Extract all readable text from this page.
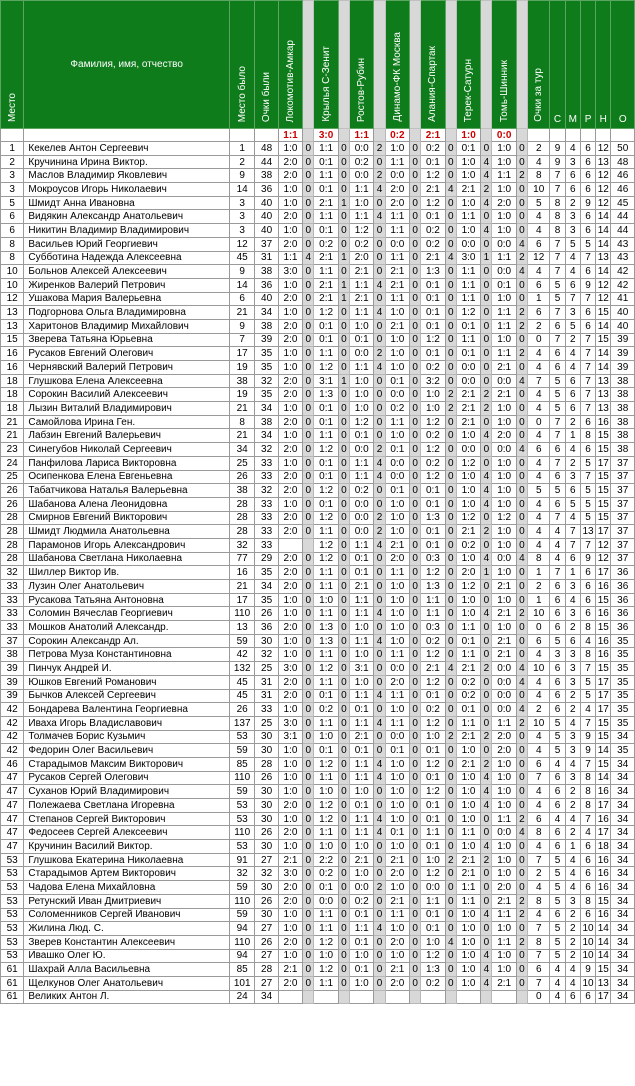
Место	Фамилия, имя, отчество	Место было	Очки были	Локомотив-Амкар		Крылья С-Зенит		Ростов-Рубин		Динамо-ФК Москва		Алания-Спартак		Терек-Сатурн		Томь-Шинник		Очки за тур	С	М	Р	Н	О
				1:1		3:0		1:1		0:2		2:1		1:0		0:0							
1	Кекелев Антон Сергеевич	1	48	1:0	0	1:1	0	0:0	2	1:0	0	0:2	0	0:1	0	1:0	0	2	9	4	6	12	50
2	Кручинина Ирина Виктор.	2	44	2:0	0	0:1	0	0:2	0	1:1	0	0:1	0	1:0	4	1:0	0	4	9	3	6	13	48
3	Маслов Владимир Яковлевич	9	38	2:0	0	1:1	0	0:0	2	0:0	0	1:2	0	1:0	4	1:1	2	8	7	6	6	12	46
3	Мокроусов Игорь Николаевич	14	36	1:0	0	0:1	0	1:1	4	2:0	0	2:1	4	2:1	2	1:0	0	10	7	6	6	12	46
5	Шмидт Анна Ивановна	3	40	1:0	0	2:1	1	1:0	0	2:0	0	1:2	0	1:0	4	2:0	0	5	8	2	9	12	45
6	Видякин Александр Анатольевич	3	40	2:0	0	1:1	0	1:1	4	1:1	0	0:1	0	1:1	0	1:0	0	4	8	3	6	14	44
6	Никитин Владимир Владимирович	3	40	1:0	0	0:1	0	1:2	0	1:1	0	0:2	0	1:0	4	1:0	0	4	8	3	6	14	44
8	Васильев Юрий Георгиевич	12	37	2:0	0	0:2	0	0:2	0	0:0	0	0:2	0	0:0	0	0:0	4	6	7	5	5	14	43
8	Субботина Надежда Алексеевна	45	31	1:1	4	2:1	1	2:0	0	1:1	0	2:1	4	3:0	1	1:1	2	12	7	4	7	13	43
10	Больнов Алексей Алексеевич	9	38	3:0	0	1:1	0	2:1	0	2:1	0	1:3	0	1:1	0	0:0	4	4	7	4	6	14	42
10	Жиренков Валерий Петрович	14	36	1:0	0	2:1	1	1:1	4	2:1	0	0:1	0	1:1	0	0:1	0	6	5	6	9	12	42
12	Ушакова Мария Валерьевна	6	40	2:0	0	2:1	1	2:1	0	1:1	0	0:1	0	1:1	0	1:0	0	1	5	7	7	12	41
13	Подгорнова Ольга Владимировна	21	34	1:0	0	1:2	0	1:1	4	1:0	0	0:1	0	1:2	0	1:1	2	6	7	3	6	15	40
13	Харитонов Владимир Михайлович	9	38	2:0	0	0:1	0	1:0	0	2:1	0	0:1	0	0:1	0	1:1	2	2	6	5	6	14	40
15	Зверева Татьяна Юрьевна	7	39	2:0	0	0:1	0	0:1	0	1:0	0	1:2	0	1:1	0	1:0	0	0	7	2	7	15	39
16	Русаков Евгений Олегович	17	35	1:0	0	1:1	0	0:0	2	1:0	0	0:1	0	0:1	0	1:1	2	4	6	4	7	14	39
16	Чернявский Валерий Петрович	19	35	1:0	0	1:2	0	1:1	4	1:0	0	0:2	0	0:0	0	2:1	0	4	6	4	7	14	39
18	Глушкова Елена Алексеевна	38	32	2:0	0	3:1	1	1:0	0	0:1	0	3:2	0	0:0	0	0:0	4	7	5	6	7	13	38
18	Сорокин Василий Алексеевич	19	35	2:0	0	1:3	0	1:0	0	0:0	0	1:0	2	2:1	2	2:1	0	4	5	6	7	13	38
18	Лызин Виталий Владимирович	21	34	1:0	0	0:1	0	1:0	0	0:2	0	1:0	2	2:1	2	1:0	0	4	5	6	7	13	38
21	Самойлова Ирина Ген.	8	38	2:0	0	0:1	0	1:2	0	1:1	0	1:2	0	2:1	0	1:0	0	0	7	2	6	16	38
21	Лабзин Евгений Валерьевич	21	34	1:0	0	1:1	0	0:1	0	1:0	0	0:2	0	1:0	4	2:0	0	4	7	1	8	15	38
23	Синегубов Николай Сергеевич	34	32	2:0	0	1:2	0	0:0	2	0:1	0	1:2	0	0:0	0	0:0	4	6	6	4	6	15	38
24	Панфилова Лариса Викторовна	25	33	1:0	0	0:1	0	1:1	4	0:0	0	0:2	0	1:2	0	1:0	0	4	7	2	5	17	37
25	Осипенкова Елена Евгеньевна	26	33	2:0	0	0:1	0	1:1	4	0:0	0	1:2	0	1:0	4	1:0	0	4	6	3	7	15	37
26	Табатчикова Наталья Валерьевна	38	32	2:0	0	1:2	0	0:2	0	0:1	0	0:1	0	1:0	4	1:0	0	5	5	6	5	15	37
26	Шабанова Алена Леонидовна	28	33	1:0	0	0:1	0	0:0	0	1:0	0	0:1	0	1:0	4	1:0	0	4	6	5	5	15	37
28	Смирнов Евгений Викторович	28	33	2:0	0	1:2	0	0:0	2	1:0	0	1:3	0	1:2	0	1:2	0	4	7	4	5	15	37
28	Шмидт Людмила Анатольевна	28	33	2:0	0	1:1	0	0:0	2	1:0	0	0:1	0	2:1	2	1:0	0	4	4	7	13	17	37
28	Парамонов Игорь Александрович	32	33			1:2	0	1:1	4	2:1	0	0:1	0	0:2	0	1:0	0	4	4	7	7	12	37
28	Шабанова Светлана Николаевна	77	29	2:0	0	1:2	0	0:1	0	2:0	0	0:3	0	1:0	4	0:0	4	8	4	6	9	12	37
32	Шиллер Виктор Ив.	16	35	2:0	0	1:1	0	0:1	0	1:1	0	1:2	0	2:0	1	1:0	0	1	7	1	6	17	36
33	Лузин Олег Анатольевич	21	34	2:0	0	1:1	0	2:1	0	1:0	0	1:3	0	1:2	0	2:1	0	2	6	3	6	16	36
33	Русакова Татьяна Антоновна	17	35	1:0	0	1:0	0	1:1	0	1:0	0	1:1	0	1:0	0	1:0	0	1	6	4	6	15	36
33	Соломин Вячеслав Георгиевич	110	26	1:0	0	1:1	0	1:1	4	1:0	0	1:1	0	1:0	4	2:1	2	10	6	3	6	16	36
33	Мошков Анатолий Александр.	13	36	2:0	0	1:3	0	1:0	0	1:0	0	0:3	0	1:1	0	1:0	0	0	6	2	8	15	36
37	Сорокин Александр Ал.	59	30	1:0	0	1:3	0	1:1	4	1:0	0	0:2	0	0:1	0	2:1	0	6	5	6	4	16	35
38	Петрова Муза Константиновна	42	32	1:0	0	1:1	0	1:0	0	1:1	0	1:2	0	1:1	0	2:1	0	4	3	3	8	16	35
39	Пинчук Андрей И.	132	25	3:0	0	1:2	0	3:1	0	0:0	0	2:1	4	2:1	2	0:0	4	10	6	3	7	15	35
39	Юшков Евгений Романович	45	31	2:0	0	1:1	0	1:0	0	2:0	0	1:2	0	0:2	0	0:0	4	4	6	3	5	17	35
39	Бычков Алексей Сергеевич	45	31	2:0	0	0:1	0	1:1	4	1:1	0	0:1	0	0:2	0	0:0	0	4	6	2	5	17	35
42	Бондарева Валентина Георгиевна	26	33	1:0	0	0:2	0	0:1	0	1:0	0	0:2	0	0:1	0	0:0	4	2	6	2	4	17	35
42	Иваха Игорь Владиславович	137	25	3:0	0	1:1	0	1:1	4	1:1	0	1:2	0	1:1	0	1:1	2	10	5	4	7	15	35
42	Толмачев Борис Кузьмич	53	30	3:1	0	1:0	0	2:1	0	0:0	0	1:0	2	2:1	2	2:0	0	4	5	3	9	15	34
42	Федорин Олег Васильевич	59	30	1:0	0	0:1	0	0:1	0	0:1	0	0:1	0	1:0	0	2:0	0	4	5	3	9	14	35
46	Старадымов Максим Викторович	85	28	1:0	0	1:2	0	1:1	4	1:0	0	1:2	0	2:1	2	1:0	0	6	4	4	7	15	34
47	Русаков Сергей Олегович	110	26	1:0	0	1:1	0	1:1	4	1:0	0	0:1	0	1:0	4	1:0	0	7	6	3	8	14	34
47	Суханов Юрий Владимирович	59	30	1:0	0	1:0	0	1:0	0	1:0	0	1:2	0	1:0	4	1:0	0	4	6	2	8	16	34
47	Полежаева Светлана Игоревна	53	30	2:0	0	1:2	0	0:1	0	1:0	0	0:1	0	1:0	4	1:0	0	4	6	2	8	17	34
47	Степанов Сергей Викторович	53	30	1:0	0	1:2	0	1:1	4	1:0	0	0:1	0	1:0	0	1:1	2	6	4	4	7	16	34
47	Федосеев Сергей Алексеевич	110	26	2:0	0	1:1	0	1:1	4	0:1	0	1:1	0	1:1	0	0:0	4	8	6	2	4	17	34
47	Кручинин Василий Виктор.	53	30	1:0	0	1:0	0	1:0	0	1:0	0	0:1	0	1:0	4	1:0	0	4	6	1	6	18	34
53	Глушкова Екатерина Николаевна	91	27	2:1	0	2:2	0	2:1	0	2:1	0	1:0	2	2:1	2	1:0	0	7	5	4	6	16	34
53	Старадымов Артем Викторович	32	32	3:0	0	0:2	0	1:0	0	2:0	0	1:2	0	2:1	0	1:0	0	2	5	4	6	16	34
53	Чадова Елена Михайловна	59	30	2:0	0	0:1	0	0:0	2	1:0	0	0:0	0	1:1	0	2:0	0	4	5	4	6	16	34
53	Ретунский Иван Дмитриевич	110	26	2:0	0	0:0	0	0:2	0	2:1	0	1:1	0	1:1	0	2:1	2	8	5	3	8	15	34
53	Соломенников Сергей Иванович	59	30	1:0	0	1:1	0	0:1	0	1:1	0	0:1	0	1:0	4	1:1	2	4	6	2	6	16	34
53	Жилина Люд. С.	94	27	1:0	0	1:1	0	1:1	4	1:0	0	0:1	0	1:0	0	1:0	0	7	5	2	10	14	34
53	Зверев Константин Алексеевич	110	26	2:0	0	1:2	0	0:1	0	2:0	0	1:0	4	1:0	0	1:1	2	8	5	2	10	14	34
53	Ивашко Олег Ю.	94	27	1:0	0	1:0	0	1:0	0	1:0	0	1:2	0	1:0	4	1:0	0	7	5	2	10	14	34
61	Шахрай Алла Васильевна	85	28	2:1	0	1:2	0	0:1	0	2:1	0	1:3	0	1:0	4	1:0	0	6	4	4	9	15	34
61	Щелкунов Олег Анатольевич	101	27	2:0	0	1:1	0	1:0	0	2:0	0	0:2	0	1:0	4	2:1	0	7	4	4	10	13	34
61	Великих Антон Л.	24	34															0	4	6	6	17	34
